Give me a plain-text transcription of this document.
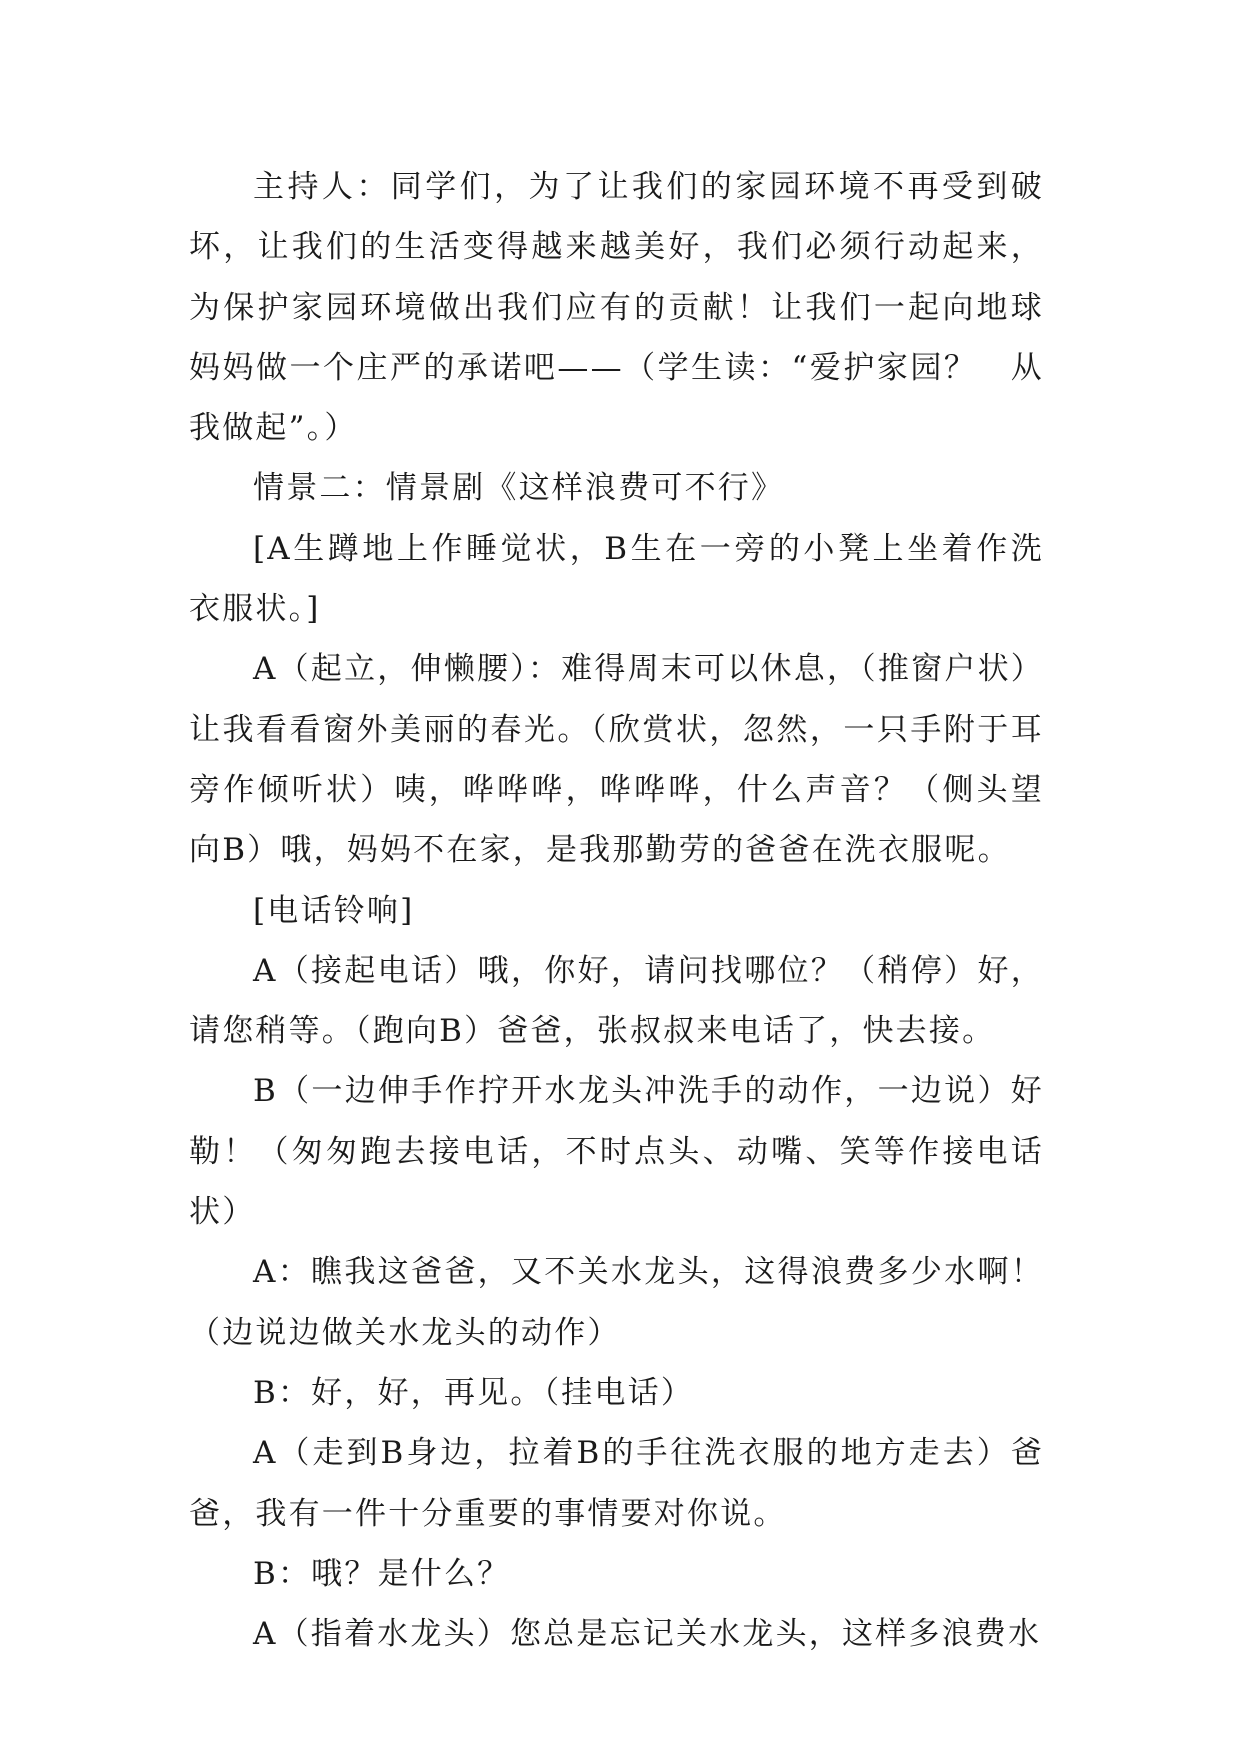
主持人：同学们，为了让我们的家园环境不再受到破坏，让我们的生活变得越来越美好，我们必须行动起来，为保护家园环境做出我们应有的贡献！让我们一起向地球妈妈做一个庄严的承诺吧——（学生读：“爱护家园？　从我做起”。）

情景二：情景剧《这样浪费可不行》

[A生蹲地上作睡觉状，B生在一旁的小凳上坐着作洗衣服状。]

A（起立，伸懒腰）：难得周末可以休息，（推窗户状）让我看看窗外美丽的春光。（欣赏状，忽然，一只手附于耳旁作倾听状）咦，哗哗哗，哗哗哗，什么声音？（侧头望向B）哦，妈妈不在家，是我那勤劳的爸爸在洗衣服呢。

[电话铃响]

A（接起电话）哦，你好，请问找哪位？（稍停）好，请您稍等。（跑向B）爸爸，张叔叔来电话了，快去接。

B（一边伸手作拧开水龙头冲洗手的动作，一边说）好勒！（匆匆跑去接电话，不时点头、动嘴、笑等作接电话状）

A：瞧我这爸爸，又不关水龙头，这得浪费多少水啊！（边说边做关水龙头的动作）

B：好，好，再见。（挂电话）

A（走到B身边，拉着B的手往洗衣服的地方走去）爸爸，我有一件十分重要的事情要对你说。

B：哦？是什么？

A（指着水龙头）您总是忘记关水龙头，这样多浪费水
